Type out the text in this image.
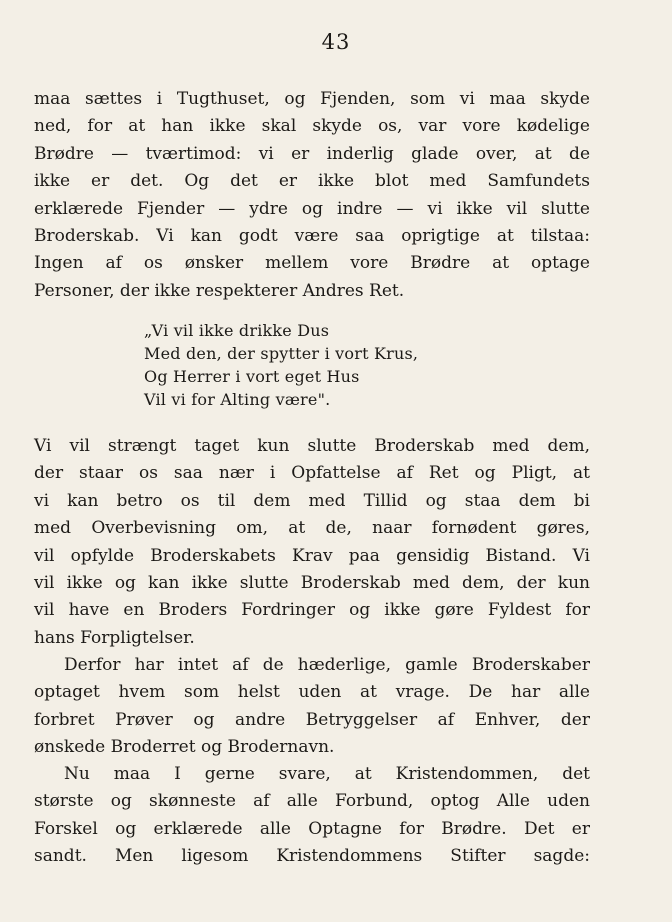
43
maa sættes i Tugthuset, og Fjenden, som vi maa skyde
ned, for at han ikke skal skyde os, var vore kødelige
Brødre — tværtimod: vi er inderlig glade over, at de
ikke er det. Og det er ikke blot med Samfundets
erklærede Fjender — ydre og indre — vi ikke vil slutte
Broderskab. Vi kan godt være saa oprigtige at tilstaa:
Ingen af os ønsker mellem vore Brødre at optage
Personer, der ikke respekterer Andres Ret.
„Vi vil ikke drikke Dus
Med den, der spytter i vort Krus,
Og Herrer i vort eget Hus
Vil vi for Alting være".
Vi vil strængt taget kun slutte Broderskab med dem,
der staar os saa nær i Opfattelse af Ret og Pligt, at
vi kan betro os til dem med Tillid og staa dem bi
med Overbevisning om, at de, naar fornødent gøres,
vil opfylde Broderskabets Krav paa gensidig Bistand. Vi
vil ikke og kan ikke slutte Broderskab med dem, der kun
vil have en Broders Fordringer og ikke gøre Fyldest for
hans Forpligtelser.
Derfor har intet af de hæderlige, gamle Broderskaber
optaget hvem som helst uden at vrage. De har alle
forbret Prøver og andre Betryggelser af Enhver, der
ønskede Broderret og Brodernavn.
Nu maa I gerne svare, at Kristendommen, det
største og skønneste af alle Forbund, optog Alle uden
Forskel og erklærede alle Optagne for Brødre. Det er
sandt. Men ligesom Kristendommens Stifter sagde:
